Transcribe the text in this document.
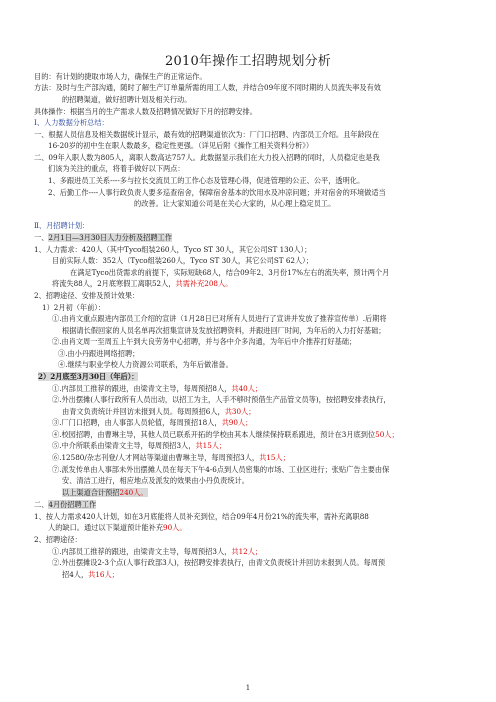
2010年操作工招聘规划分析
目的：有计划的捷取市场人力，确保生产的正常运作。
方法：及时与生产部沟通，随时了解生产订单量所需的用工人数，并结合09年度不同时期的人员流失率及有效
的招聘渠道，做好招聘计划及相关行动。
具体操作：根据当月的生产需求人数及招聘情况做好下月的招聘安排。
Ⅰ、人力数据分析总结：
一、根据人员信息及相关数据统计显示，最有效的招聘渠道依次为：厂门口招聘、内部员工介绍。且年龄段在
16-20岁的初中生在职人数最多，稳定性更强。（详见后附《操作工相关资料分析》）
二、09年入职人数为805人，离职人数高达757人。此数据显示我们在大力投入招聘的同时，人员稳定也是我
们该为关注的重点，将着手做好以下两点：
1、多跟进员工关系----多与拉长交流员工的工作心态及管理心得，促进管理的公正、公平，透明化。
2、后勤工作----人事行政负责人要多巡查宿舍，保障宿舍基本的饮用水及冲凉问题；并对宿舍的环境做适当
的改善。让大家知道公司是在关心大家的，从心理上稳定员工。
Ⅱ、月招聘计划：
一、2月1日—3月30日人力分析及招聘工作
1、人力需求：420人（其中Tyco组装260人，Tyco ST 30人，其它公司ST 130人）；
目前实际人数：352人（Tyco组装260人，Tyco ST 30人，其它公司ST 62人）；
在满足Tyco出货需求的前提下，实际短缺68人，结合09年2、3月份17%左右的流失率，预计两个月
将流失88人，2月底寒假工离职52人，共需补充208人。
2、招聘途径、安排及预计效果：
1）2月初（年前）：
①.由肖文重点跟进内部员工介绍的宣讲（1月28日已对所有人员进行了宣讲并发放了推荐宣传单）.后期将
根据请长假回家的人员名单再次招集宣讲及发放招聘资料，并跟进回厂时间，为年后的入力打好基础；
②.由肖文周一至周五上午到大良劳务中心招聘，并与各中介多沟通，为年后中介推荐打好基础；
③.由小丹跟进网络招聘；
④.继续与职业学校人力资源公司联系，为年后做准备。
2）2月底至3月30日（年后）：
①.内部员工推荐的跟进，由梁青文主导，每周预招8人，共40人；
②.外出摆摊(人事行政所有人员出动，以招工为主，人手不够时预借生产品管文员等)，按招聘安排表执行，
由青文负责统计并回访未报到人员。每周预招6人，共30人；
③.厂门口招聘，由人事部人员轮值，每周预招18人，共90人；
④.校园招聘，由曹琳主导，其他人员已联系开拓的学校由其本人继续保持联系跟进，预计在3月底到位50人；
⑤.中介所联系由梁青文主导，每周预招3人，共15人；
⑥.12580/杂志刊登/人才网站等渠道由曹琳主导，每周预招3人，共15人；
⑦.派发传单由人事部未外出摆摊人员在每天下午4-6点到人员密集的市场、工业区进行；张贴广告主要由保
安、清洁工进行，相应地点及派发的效果由小丹负责统计。
以上渠道合计预招240人。
二、4月份招聘工作
1、按人力需求420人计划，如在3月底能将人员补充到位，结合09年4月份21%的流失率，需补充离职88
人的缺口。通过以下渠道预计能补充90人。
2、招聘途径：
①.内部员工推荐的跟进，由梁青文主导，每周预招3人，共12人；
②.外出摆摊设2-3个点(人事行政部3人)，按招聘安排表执行，由青文负责统计并回访未报到人员。每周预
招4人，共16人；
1
